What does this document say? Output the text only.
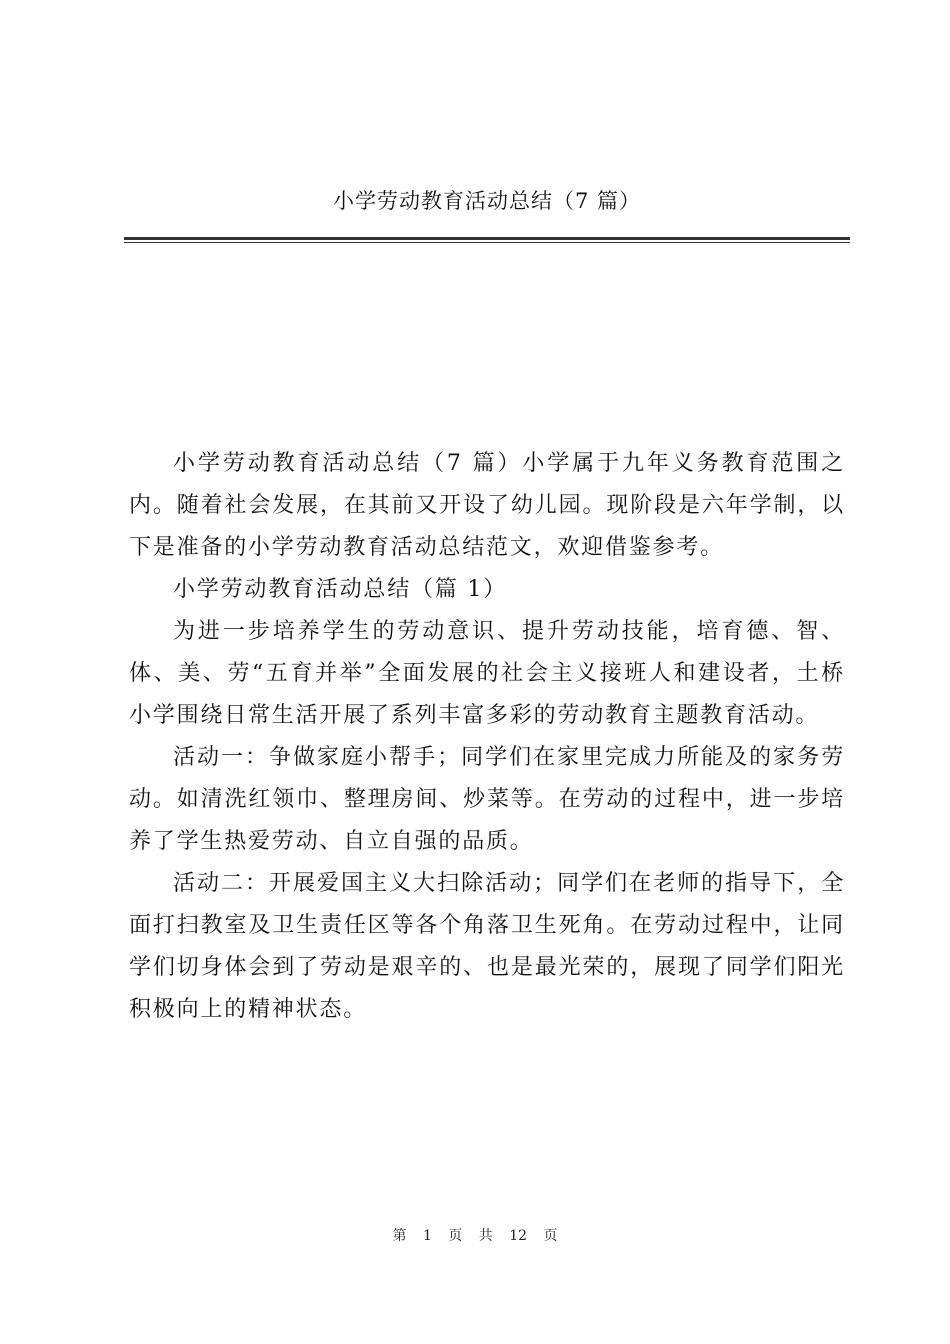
小学劳动教育活动总结（7 篇）

小学劳动教育活动总结（7 篇）小学属于九年义务教育范围之内。随着社会发展，在其前又开设了幼儿园。现阶段是六年学制，以下是准备的小学劳动教育活动总结范文，欢迎借鉴参考。

小学劳动教育活动总结（篇 1）

为进一步培养学生的劳动意识、提升劳动技能，培育德、智、体、美、劳“五育并举”全面发展的社会主义接班人和建设者，土桥小学围绕日常生活开展了系列丰富多彩的劳动教育主题教育活动。

活动一：争做家庭小帮手；同学们在家里完成力所能及的家务劳动。如清洗红领巾、整理房间、炒菜等。在劳动的过程中，进一步培养了学生热爱劳动、自立自强的品质。

活动二：开展爱国主义大扫除活动；同学们在老师的指导下，全面打扫教室及卫生责任区等各个角落卫生死角。在劳动过程中，让同学们切身体会到了劳动是艰辛的、也是最光荣的，展现了同学们阳光积极向上的精神状态。

第 1 页 共 12 页
